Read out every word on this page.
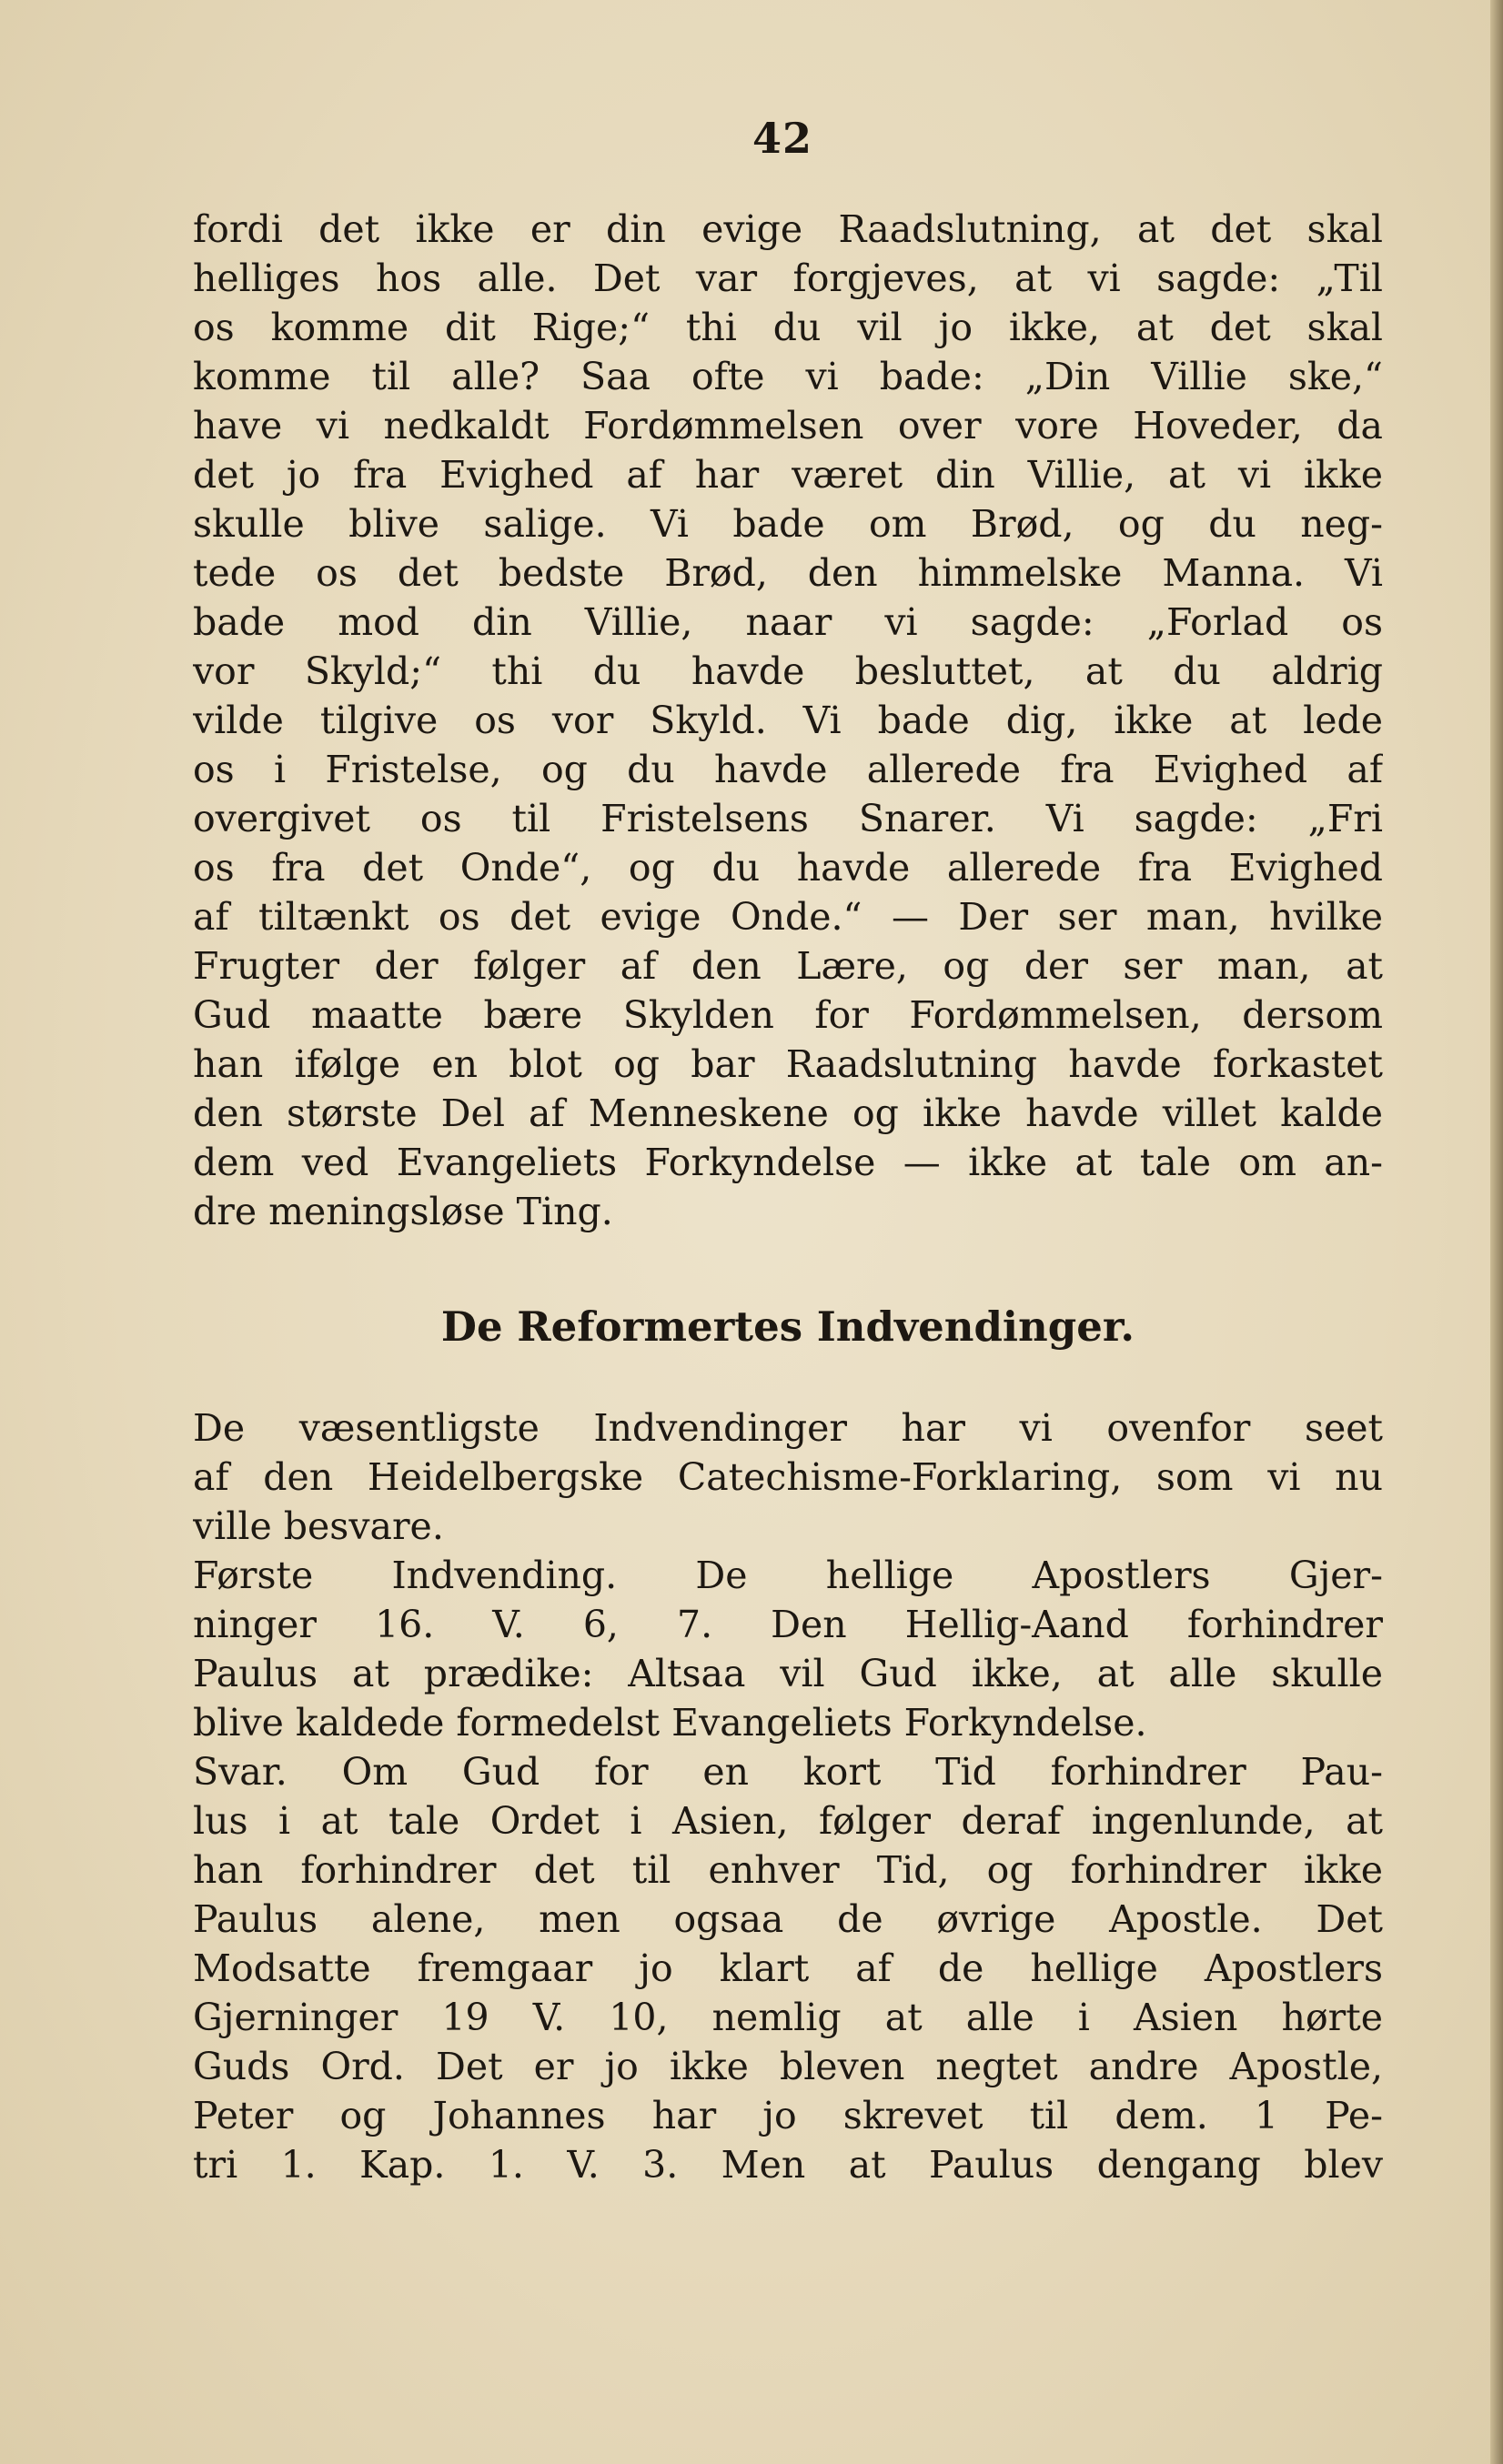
42
fordi det ikke er din evige Raadslutning, at det skal
helliges hos alle. Det var forgjeves, at vi sagde: „Til
os komme dit Rige;“ thi du vil jo ikke, at det skal
komme til alle? Saa ofte vi bade: „Din Villie ske,“
have vi nedkaldt Fordømmelsen over vore Hoveder, da
det jo fra Evighed af har været din Villie, at vi ikke
skulle blive salige. Vi bade om Brød, og du neg-
tede os det bedste Brød, den himmelske Manna. Vi
bade mod din Villie, naar vi sagde: „Forlad os
vor Skyld;“ thi du havde besluttet, at du aldrig
vilde tilgive os vor Skyld. Vi bade dig, ikke at lede
os i Fristelse, og du havde allerede fra Evighed af
overgivet os til Fristelsens Snarer. Vi sagde: „Fri
os fra det Onde“, og du havde allerede fra Evighed
af tiltænkt os det evige Onde.“ — Der ser man, hvilke
Frugter der følger af den Lære, og der ser man, at
Gud maatte bære Skylden for Fordømmelsen, dersom
han ifølge en blot og bar Raadslutning havde forkastet
den største Del af Menneskene og ikke havde villet kalde
dem ved Evangeliets Forkyndelse — ikke at tale om an-
dre meningsløse Ting.
De Reformertes Indvendinger.
De væsentligste Indvendinger har vi ovenfor seet
af den Heidelbergske Catechisme-Forklaring, som vi nu
ville besvare.
Første Indvending. De hellige Apostlers Gjer-
ninger 16. V. 6, 7. Den Hellig-Aand forhindrer
Paulus at prædike: Altsaa vil Gud ikke, at alle skulle
blive kaldede formedelst Evangeliets Forkyndelse.
Svar. Om Gud for en kort Tid forhindrer Pau-
lus i at tale Ordet i Asien, følger deraf ingenlunde, at
han forhindrer det til enhver Tid, og forhindrer ikke
Paulus alene, men ogsaa de øvrige Apostle. Det
Modsatte fremgaar jo klart af de hellige Apostlers
Gjerninger 19 V. 10, nemlig at alle i Asien hørte
Guds Ord. Det er jo ikke bleven negtet andre Apostle,
Peter og Johannes har jo skrevet til dem. 1 Pe-
tri 1. Kap. 1. V. 3. Men at Paulus dengang blev
